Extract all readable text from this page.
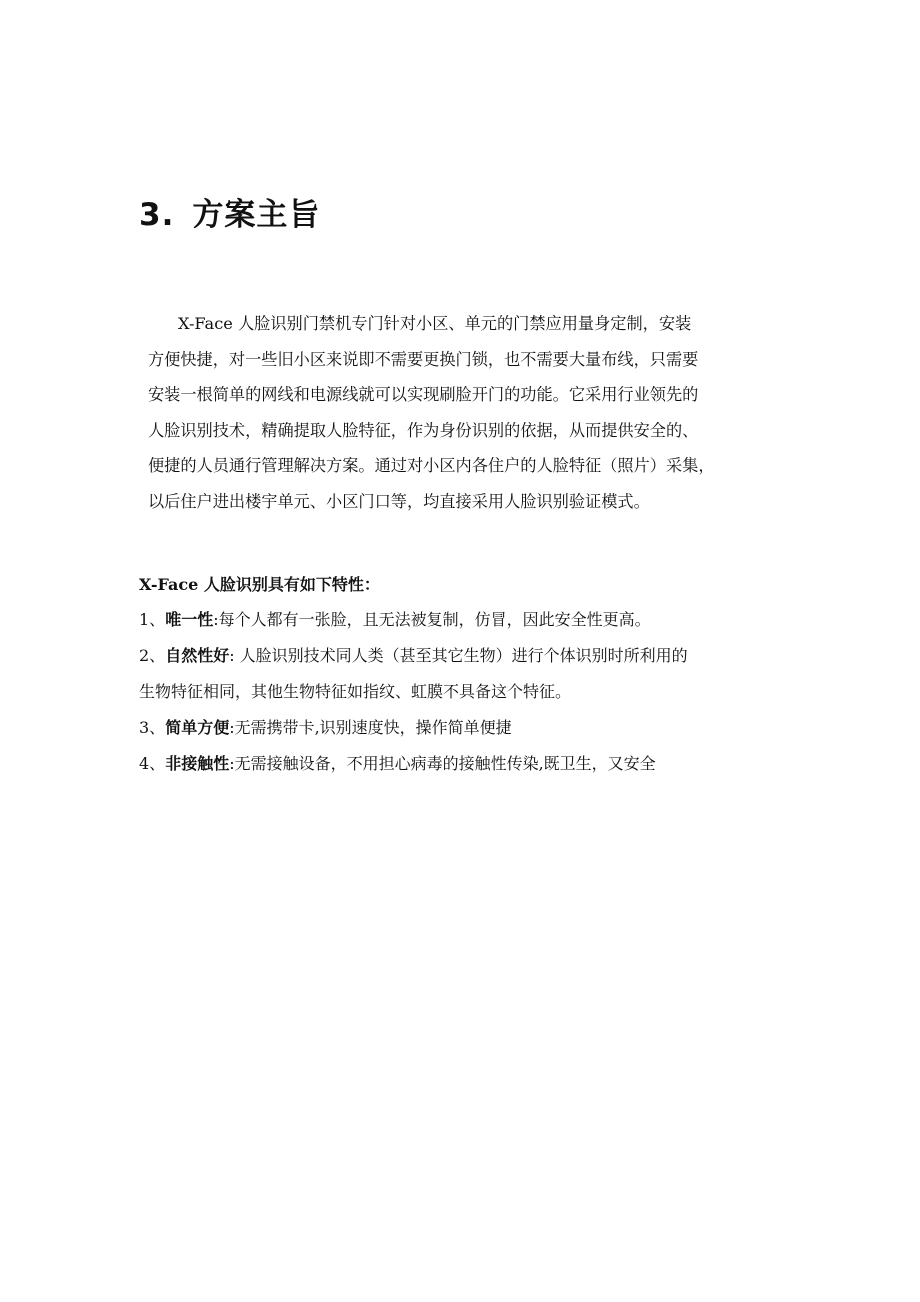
3. 方案主旨

X-Face 人脸识别门禁机专门针对小区、单元的门禁应用量身定制，安装
方便快捷，对一些旧小区来说即不需要更换门锁，也不需要大量布线，只需要
安装一根简单的网线和电源线就可以实现刷脸开门的功能。它采用行业领先的
人脸识别技术，精确提取人脸特征，作为身份识别的依据，从而提供安全的、
便捷的人员通行管理解决方案。通过对小区内各住户的人脸特征（照片）采集，
以后住户进出楼宇单元、小区门口等，均直接采用人脸识别验证模式。

X-Face 人脸识别具有如下特性：

1、唯一性:每个人都有一张脸，且无法被复制，仿冒，因此安全性更高。

2、自然性好: 人脸识别技术同人类（甚至其它生物）进行个体识别时所利用的
生物特征相同，其他生物特征如指纹、虹膜不具备这个特征。

3、简单方便:无需携带卡,识别速度快，操作简单便捷

4、非接触性:无需接触设备，不用担心病毒的接触性传染,既卫生，又安全
